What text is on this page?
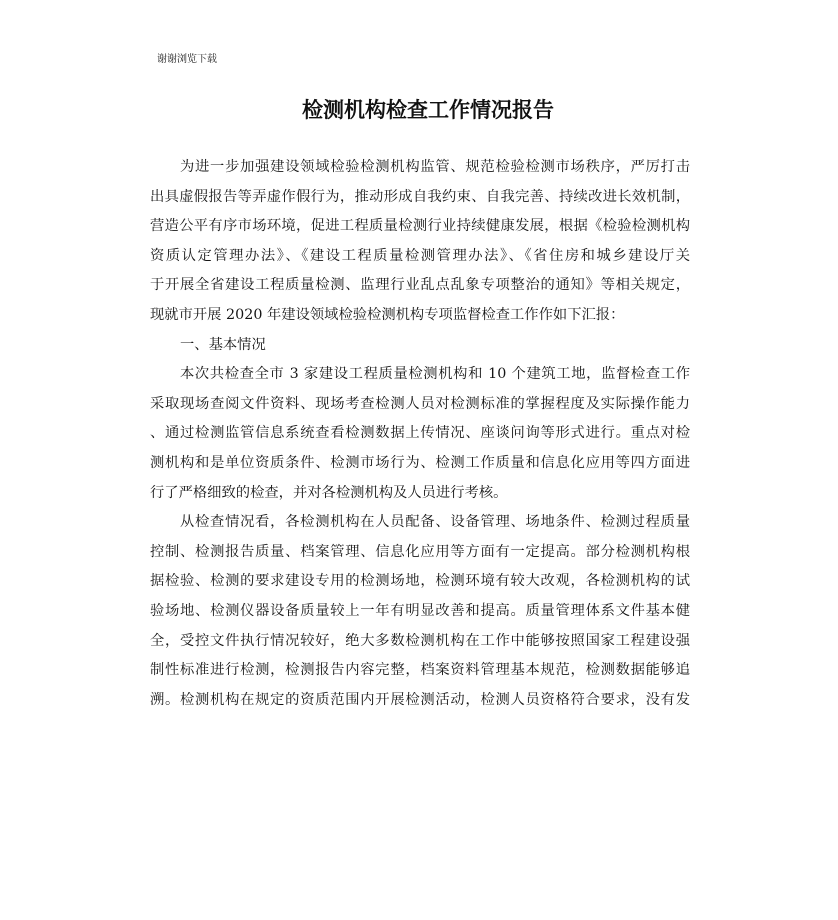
谢谢浏览下载
检测机构检查工作情况报告
为进一步加强建设领域检验检测机构监管、规范检验检测市场秩序，严厉打击
出具虚假报告等弄虚作假行为，推动形成自我约束、自我完善、持续改进长效机制，
营造公平有序市场环境，促进工程质量检测行业持续健康发展，根据《检验检测机构
资质认定管理办法》、《建设工程质量检测管理办法》、《省住房和城乡建设厅关
于开展全省建设工程质量检测、监理行业乱点乱象专项整治的通知》等相关规定，
现就市开展 2020 年建设领域检验检测机构专项监督检查工作作如下汇报：
一、基本情况
本次共检查全市 3 家建设工程质量检测机构和 10 个建筑工地，监督检查工作
采取现场查阅文件资料、现场考查检测人员对检测标准的掌握程度及实际操作能力
、通过检测监管信息系统查看检测数据上传情况、座谈问询等形式进行。重点对检
测机构和是单位资质条件、检测市场行为、检测工作质量和信息化应用等四方面进
行了严格细致的检查，并对各检测机构及人员进行考核。
从检查情况看，各检测机构在人员配备、设备管理、场地条件、检测过程质量
控制、检测报告质量、档案管理、信息化应用等方面有一定提高。部分检测机构根
据检验、检测的要求建设专用的检测场地，检测环境有较大改观，各检测机构的试
验场地、检测仪器设备质量较上一年有明显改善和提高。质量管理体系文件基本健
全，受控文件执行情况较好，绝大多数检测机构在工作中能够按照国家工程建设强
制性标准进行检测，检测报告内容完整，档案资料管理基本规范，检测数据能够追
溯。检测机构在规定的资质范围内开展检测活动，检测人员资格符合要求，没有发
